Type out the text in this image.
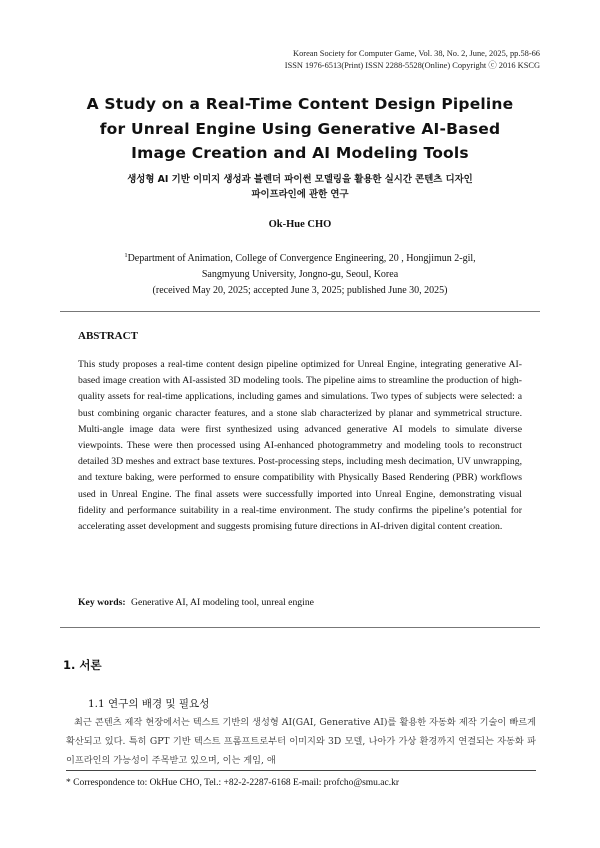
Korean Society for Computer Game, Vol. 38, No. 2, June, 2025, pp.58-66
ISSN 1976-6513(Print) ISSN 2288-5528(Online) Copyright ⓒ 2016 KSCG
A Study on a Real-Time Content Design Pipeline
for Unreal Engine Using Generative AI-Based
Image Creation and AI Modeling Tools
생성형 AI 기반 이미지 생성과 블렌더 파이썬 모델링을 활용한 실시간 콘텐츠 디자인
파이프라인에 관한 연구
Ok-Hue CHO
$^1$Department of Animation, College of Convergence Engineering, 20 , Hongjimun 2-gil,
Sangmyung University, Jongno-gu, Seoul, Korea
(received May 20, 2025; accepted June 3, 2025; published June 30, 2025)
ABSTRACT
This study proposes a real-time content design pipeline optimized for Unreal Engine, integrating generative AI-based image creation with AI-assisted 3D modeling tools. The pipeline aims to streamline the production of high-quality assets for real-time applications, including games and simulations. Two types of subjects were selected: a bust combining organic character features, and a stone slab characterized by planar and symmetrical structure. Multi-angle image data were first synthesized using advanced generative AI models to simulate diverse viewpoints. These were then processed using AI-enhanced photogrammetry and modeling tools to reconstruct detailed 3D meshes and extract base textures. Post-processing steps, including mesh decimation, UV unwrapping, and texture baking, were performed to ensure compatibility with Physically Based Rendering (PBR) workflows used in Unreal Engine. The final assets were successfully imported into Unreal Engine, demonstrating visual fidelity and performance suitability in a real-time environment. The study confirms the pipeline’s potential for accelerating asset development and suggests promising future directions in AI-driven digital content creation.
Key words: Generative AI, AI modeling tool, unreal engine
1. 서론
1.1 연구의 배경 및 필요성
최근 콘텐츠 제작 현장에서는 텍스트 기반의 생성형 AI(GAI, Generative AI)를 활용한 자동화 제작 기술이 빠르게 확산되고 있다. 특히 GPT 기반 텍스트 프롬프트로부터 이미지와 3D 모델, 나아가 가상 환경까지 연결되는 자동화 파이프라인의 가능성이 주목받고 있으며, 이는 게임, 애
* Correspondence to: OkHue CHO, Tel.: +82-2-2287-6168 E-mail: profcho@smu.ac.kr
